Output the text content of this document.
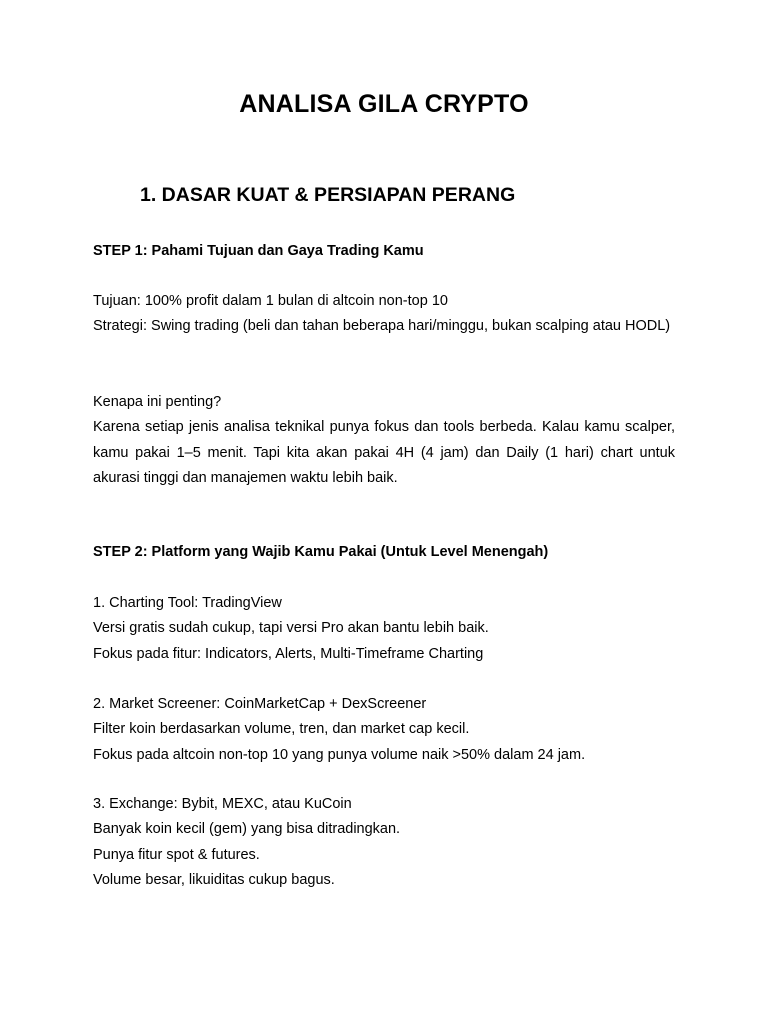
ANALISA GILA CRYPTO
1. DASAR KUAT & PERSIAPAN PERANG
STEP 1: Pahami Tujuan dan Gaya Trading Kamu

Tujuan: 100% profit dalam 1 bulan di altcoin non-top 10

Strategi: Swing trading (beli dan tahan beberapa hari/minggu, bukan scalping atau HODL)

Kenapa ini penting?

Karena setiap jenis analisa teknikal punya fokus dan tools berbeda. Kalau kamu scalper, kamu pakai 1–5 menit. Tapi kita akan pakai 4H (4 jam) dan Daily (1 hari) chart untuk akurasi tinggi dan manajemen waktu lebih baik.

STEP 2: Platform yang Wajib Kamu Pakai (Untuk Level Menengah)

1. Charting Tool: TradingView

Versi gratis sudah cukup, tapi versi Pro akan bantu lebih baik.

Fokus pada fitur: Indicators, Alerts, Multi-Timeframe Charting

2. Market Screener: CoinMarketCap + DexScreener

Filter koin berdasarkan volume, tren, dan market cap kecil.

Fokus pada altcoin non-top 10 yang punya volume naik >50% dalam 24 jam.

3. Exchange: Bybit, MEXC, atau KuCoin

Banyak koin kecil (gem) yang bisa ditradingkan.

Punya fitur spot & futures.

Volume besar, likuiditas cukup bagus.
